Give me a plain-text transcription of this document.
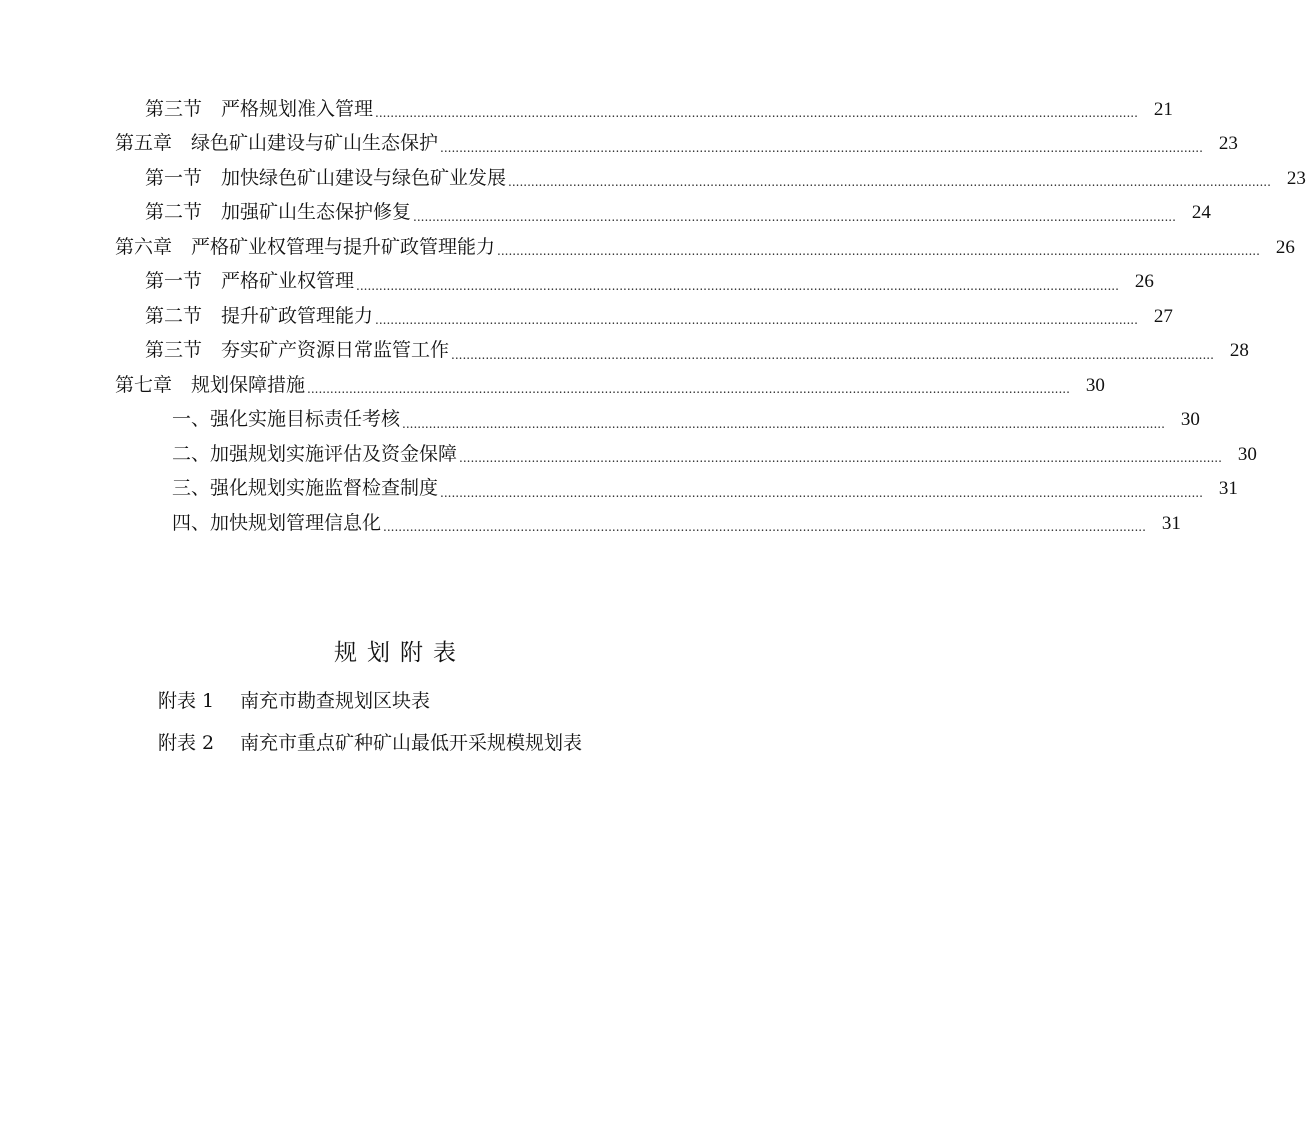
第三节　严格规划准入管理 ........................................................................................................................................................................................................ 21
第五章　绿色矿山建设与矿山生态保护 ........................................................................................................................................................................................................ 23
第一节　加快绿色矿山建设与绿色矿业发展 ........................................................................................................................................................................................................ 23
第二节　加强矿山生态保护修复 ........................................................................................................................................................................................................ 24
第六章　严格矿业权管理与提升矿政管理能力 ........................................................................................................................................................................................................ 26
第一节　严格矿业权管理 ........................................................................................................................................................................................................ 26
第二节　提升矿政管理能力 ........................................................................................................................................................................................................ 27
第三节　夯实矿产资源日常监管工作 ........................................................................................................................................................................................................ 28
第七章　规划保障措施 ........................................................................................................................................................................................................ 30
一、强化实施目标责任考核 ........................................................................................................................................................................................................ 30
二、加强规划实施评估及资金保障 ........................................................................................................................................................................................................ 30
三、强化规划实施监督检查制度 ........................................................................................................................................................................................................ 31
四、加快规划管理信息化 ........................................................................................................................................................................................................ 31
规划附表
附表 1	南充市勘查规划区块表
附表 2	南充市重点矿种矿山最低开采规模规划表
